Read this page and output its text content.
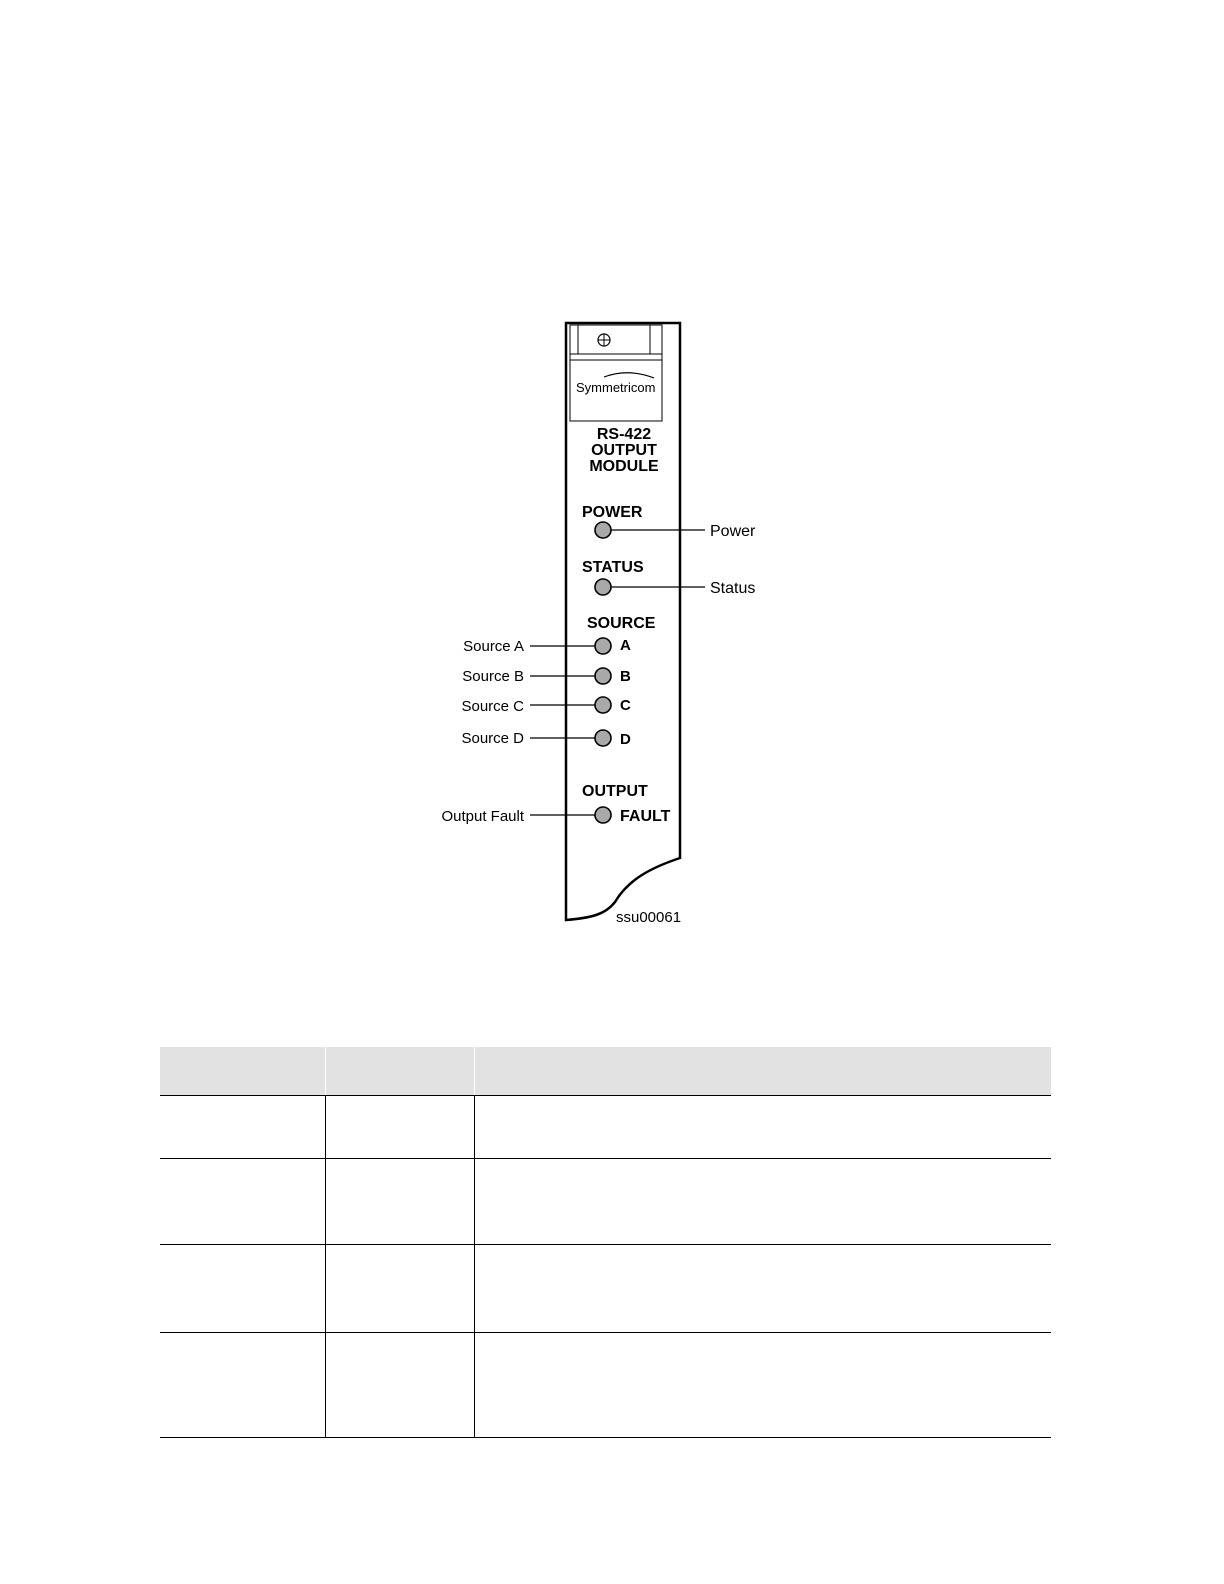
Symmetricom
RS-422
OUTPUT
MODULE
POWER
STATUS
SOURCE
OUTPUT
A
B
C
D
FAULT
Power
Status
Source A
Source B
Source C
Source D
Output Fault
ssu00061
